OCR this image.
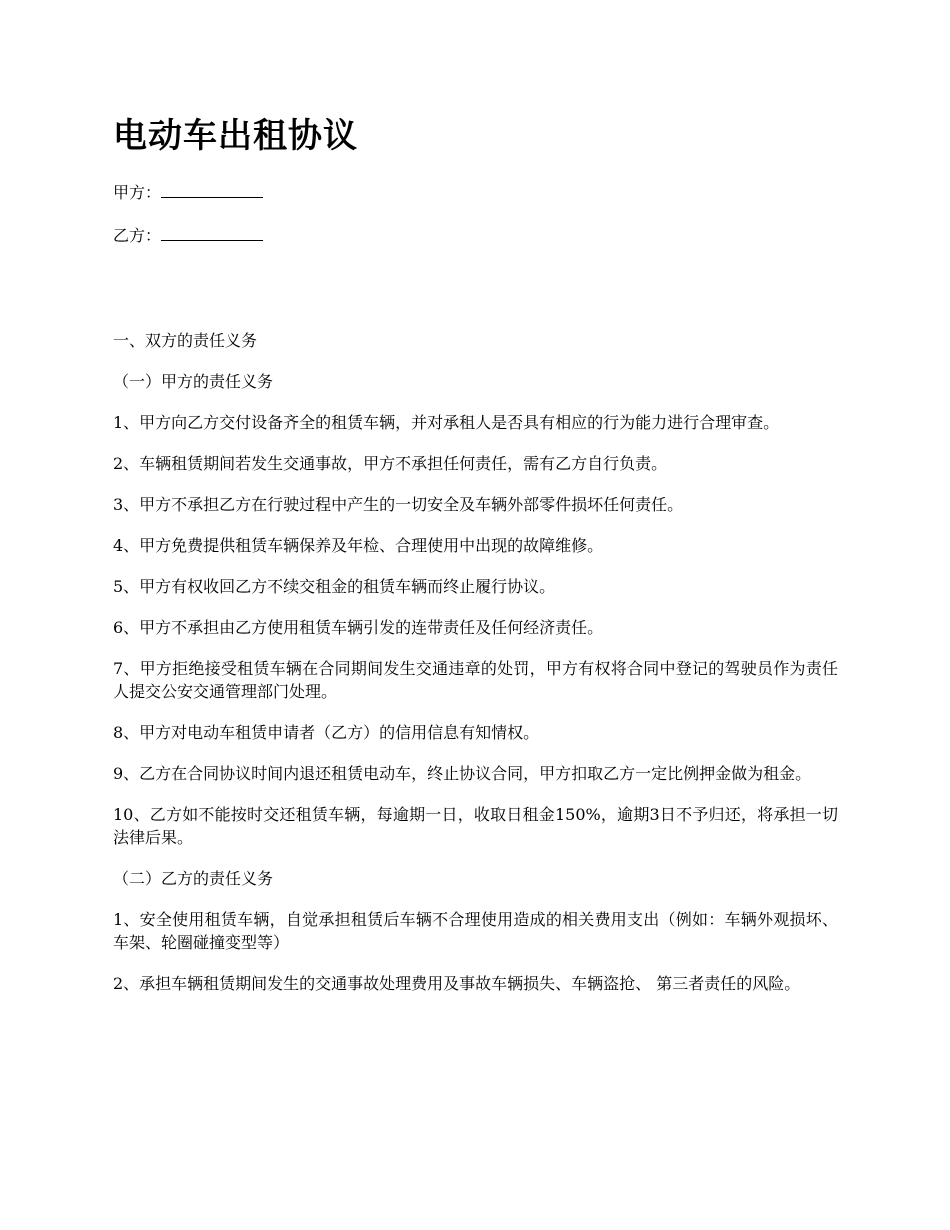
电动车出租协议
甲方：
乙方：

一、双方的责任义务

（一）甲方的责任义务

1、甲方向乙方交付设备齐全的租赁车辆，并对承租人是否具有相应的行为能力进行合理审查。

2、车辆租赁期间若发生交通事故，甲方不承担任何责任，需有乙方自行负责。

3、甲方不承担乙方在行驶过程中产生的一切安全及车辆外部零件损坏任何责任。

4、甲方免费提供租赁车辆保养及年检、合理使用中出现的故障维修。

5、甲方有权收回乙方不续交租金的租赁车辆而终止履行协议。

6、甲方不承担由乙方使用租赁车辆引发的连带责任及任何经济责任。

7、甲方拒绝接受租赁车辆在合同期间发生交通违章的处罚，甲方有权将合同中登记的驾驶员作为责任人提交公安交通管理部门处理。

8、甲方对电动车租赁申请者（乙方）的信用信息有知情权。

9、乙方在合同协议时间内退还租赁电动车，终止协议合同，甲方扣取乙方一定比例押金做为租金。

10、乙方如不能按时交还租赁车辆，每逾期一日，收取日租金150%，逾期3日不予归还，将承担一切法律后果。

（二）乙方的责任义务

1、安全使用租赁车辆，自觉承担租赁后车辆不合理使用造成的相关费用支出（例如：车辆外观损坏、车架、轮圈碰撞变型等）

2、承担车辆租赁期间发生的交通事故处理费用及事故车辆损失、车辆盗抢、 第三者责任的风险。
